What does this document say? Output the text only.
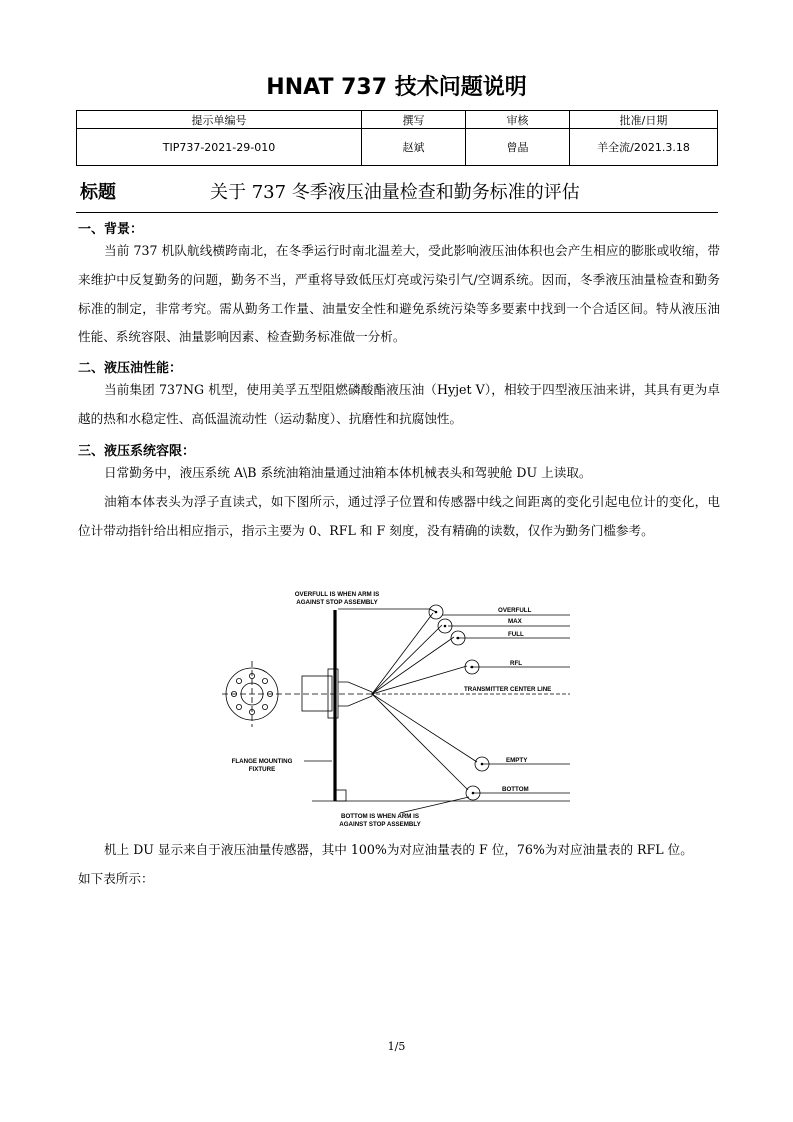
HNAT 737 技术问题说明
提示单编号	撰写	审核	批准/日期
TIP737-2021-29-010	赵斌	曾晶	羊全流/2021.3.18
标题	关于 737 冬季液压油量检查和勤务标准的评估
一、背景：

当前 737 机队航线横跨南北，在冬季运行时南北温差大，受此影响液压油体积也会产生相应的膨胀或收缩，带来维护中反复勤务的问题，勤务不当，严重将导致低压灯亮或污染引气/空调系统。因而，冬季液压油量检查和勤务标准的制定，非常考究。需从勤务工作量、油量安全性和避免系统污染等多要素中找到一个合适区间。特从液压油性能、系统容限、油量影响因素、检查勤务标准做一分析。

二、液压油性能：

当前集团 737NG 机型，使用美孚五型阻燃磷酸酯液压油（Hyjet V），相较于四型液压油来讲，其具有更为卓越的热和水稳定性、高低温流动性（运动黏度）、抗磨性和抗腐蚀性。

三、液压系统容限：

日常勤务中，液压系统 A\B 系统油箱油量通过油箱本体机械表头和驾驶舱 DU 上读取。

油箱本体表头为浮子直读式，如下图所示，通过浮子位置和传感器中线之间距离的变化引起电位计的变化，电位计带动指针给出相应指示，指示主要为 0、RFL 和 F 刻度，没有精确的读数，仅作为勤务门槛参考。

OVERFULL IS WHEN ARM IS
AGAINST STOP ASSEMBLY
OVERFULL
MAX
FULL
RFL
TRANSMITTER CENTER LINE
EMPTY
BOTTOM
FLANGE MOUNTING
FIXTURE
BOTTOM IS WHEN ARM IS
AGAINST STOP ASSEMBLY

机上 DU 显示来自于液压油量传感器，其中 100%为对应油量表的 F 位，76%为对应油量表的 RFL 位。

如下表所示：

1/5
